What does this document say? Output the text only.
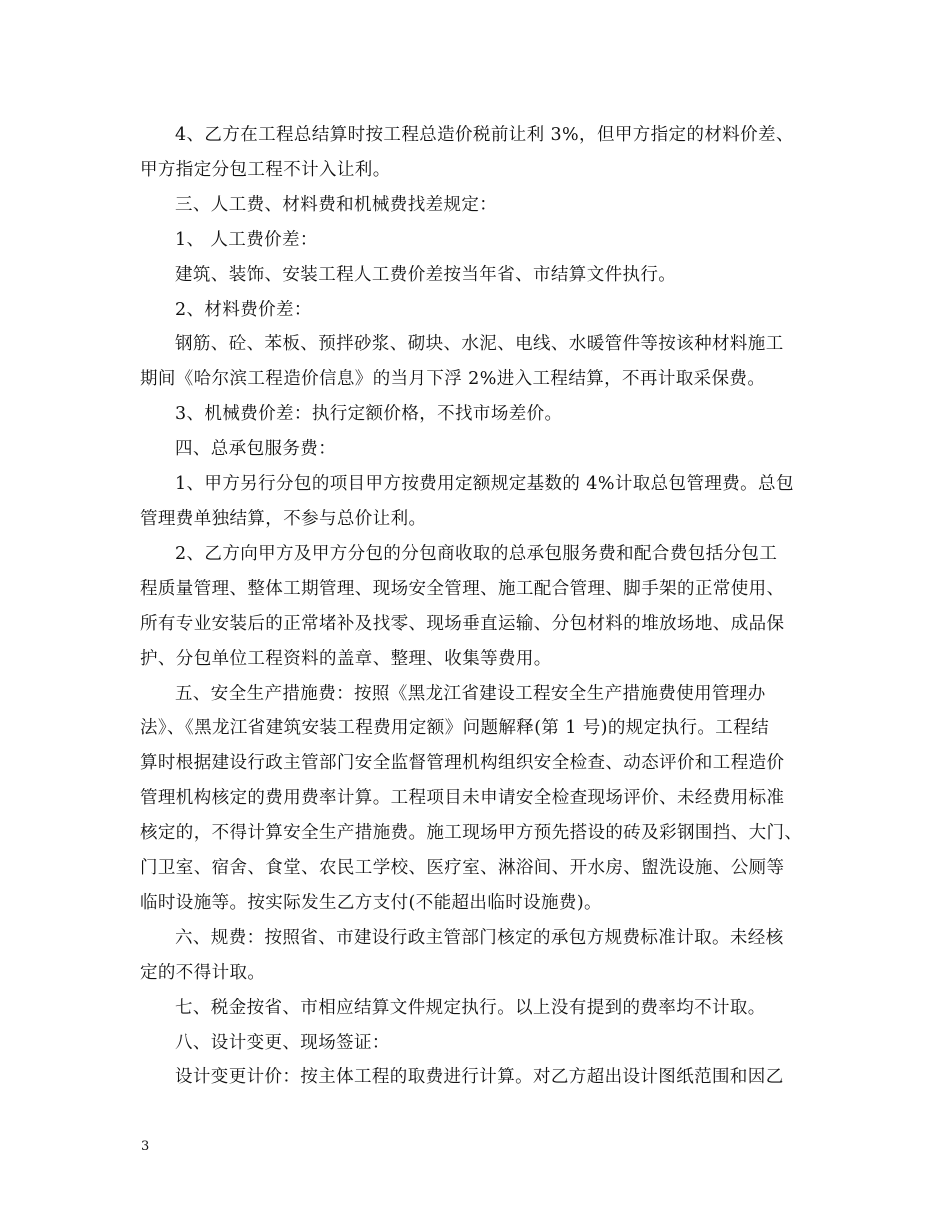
4、乙方在工程总结算时按工程总造价税前让利 3%，但甲方指定的材料价差、

甲方指定分包工程不计入让利。

三、人工费、材料费和机械费找差规定：

1、 人工费价差：

建筑、装饰、安装工程人工费价差按当年省、市结算文件执行。

2、材料费价差：

钢筋、砼、苯板、预拌砂浆、砌块、水泥、电线、水暖管件等按该种材料施工

期间《哈尔滨工程造价信息》的当月下浮 2%进入工程结算，不再计取采保费。

3、机械费价差：执行定额价格，不找市场差价。

四、总承包服务费：

1、甲方另行分包的项目甲方按费用定额规定基数的 4%计取总包管理费。总包

管理费单独结算，不参与总价让利。

2、乙方向甲方及甲方分包的分包商收取的总承包服务费和配合费包括分包工

程质量管理、整体工期管理、现场安全管理、施工配合管理、脚手架的正常使用、

所有专业安装后的正常堵补及找零、现场垂直运输、分包材料的堆放场地、成品保

护、分包单位工程资料的盖章、整理、收集等费用。

五、安全生产措施费：按照《黑龙江省建设工程安全生产措施费使用管理办

法》、《黑龙江省建筑安装工程费用定额》问题解释(第 1 号)的规定执行。工程结

算时根据建设行政主管部门安全监督管理机构组织安全检查、动态评价和工程造价

管理机构核定的费用费率计算。工程项目未申请安全检查现场评价、未经费用标准

核定的，不得计算安全生产措施费。施工现场甲方预先搭设的砖及彩钢围挡、大门、

门卫室、宿舍、食堂、农民工学校、医疗室、淋浴间、开水房、盥洗设施、公厕等

临时设施等。按实际发生乙方支付(不能超出临时设施费)。

六、规费：按照省、市建设行政主管部门核定的承包方规费标准计取。未经核

定的不得计取。

七、税金按省、市相应结算文件规定执行。以上没有提到的费率均不计取。

八、设计变更、现场签证：

设计变更计价：按主体工程的取费进行计算。对乙方超出设计图纸范围和因乙

3
